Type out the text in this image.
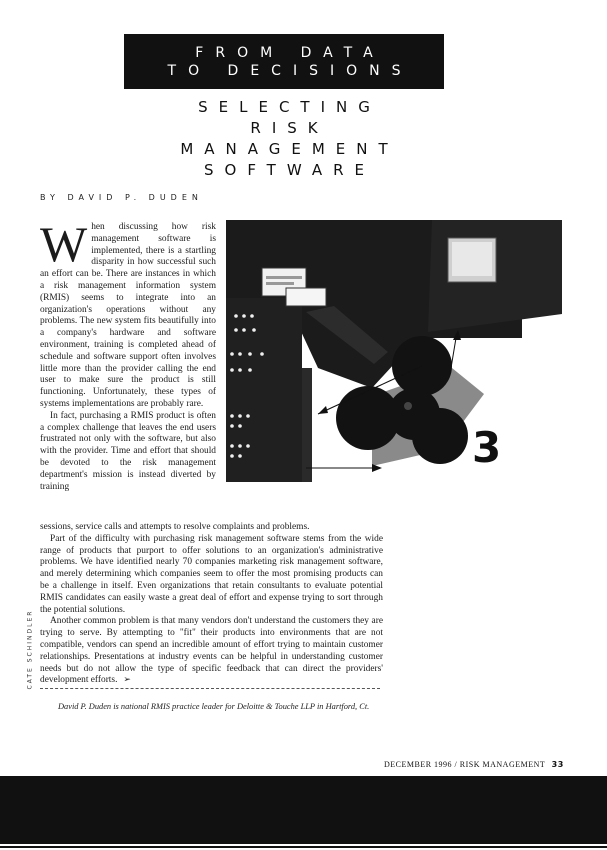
FROM DATA
TO DECISIONS
SELECTING
RISK MANAGEMENT
SOFTWARE
BY DAVID P. DUDEN

When discussing how risk management software is implemented, there is a startling disparity in how successful such an effort can be. There are instances in which a risk management information system (RMIS) seems to integrate into an organization's operations without any problems. The new system fits beautifully into a company's hardware and software environment, training is completed ahead of schedule and software support often involves little more than the provider calling the end user to make sure the product is still functioning. Unfortunately, these types of systems implementations are probably rare.

In fact, purchasing a RMIS product is often a complex challenge that leaves the end users frustrated not only with the software, but also with the provider. Time and effort that should be devoted to the risk management department's mission is instead diverted by training

3

sessions, service calls and attempts to resolve complaints and problems.

Part of the difficulty with purchasing risk management software stems from the wide range of products that purport to offer solutions to an organization's administrative problems. We have identified nearly 70 companies marketing risk management software, and merely determining which companies seem to offer the most promising products can be a challenge in itself. Even organizations that retain consultants to evaluate potential RMIS candidates can easily waste a great deal of effort and expense trying to sort through the potential solutions.

Another common problem is that many vendors don't understand the customers they are trying to serve. By attempting to "fit" their products into environments that are not compatible, vendors can spend an incredible amount of effort trying to maintain customer relationships. Presentations at industry events can be helpful in understanding customer needs but do not allow the type of specific feedback that can direct the providers' development efforts. ➢

CATE SCHINDLER
David P. Duden is national RMIS practice leader for Deloitte & Touche LLP in Hartford, Ct.
DECEMBER 1996 / RISK MANAGEMENT 33
